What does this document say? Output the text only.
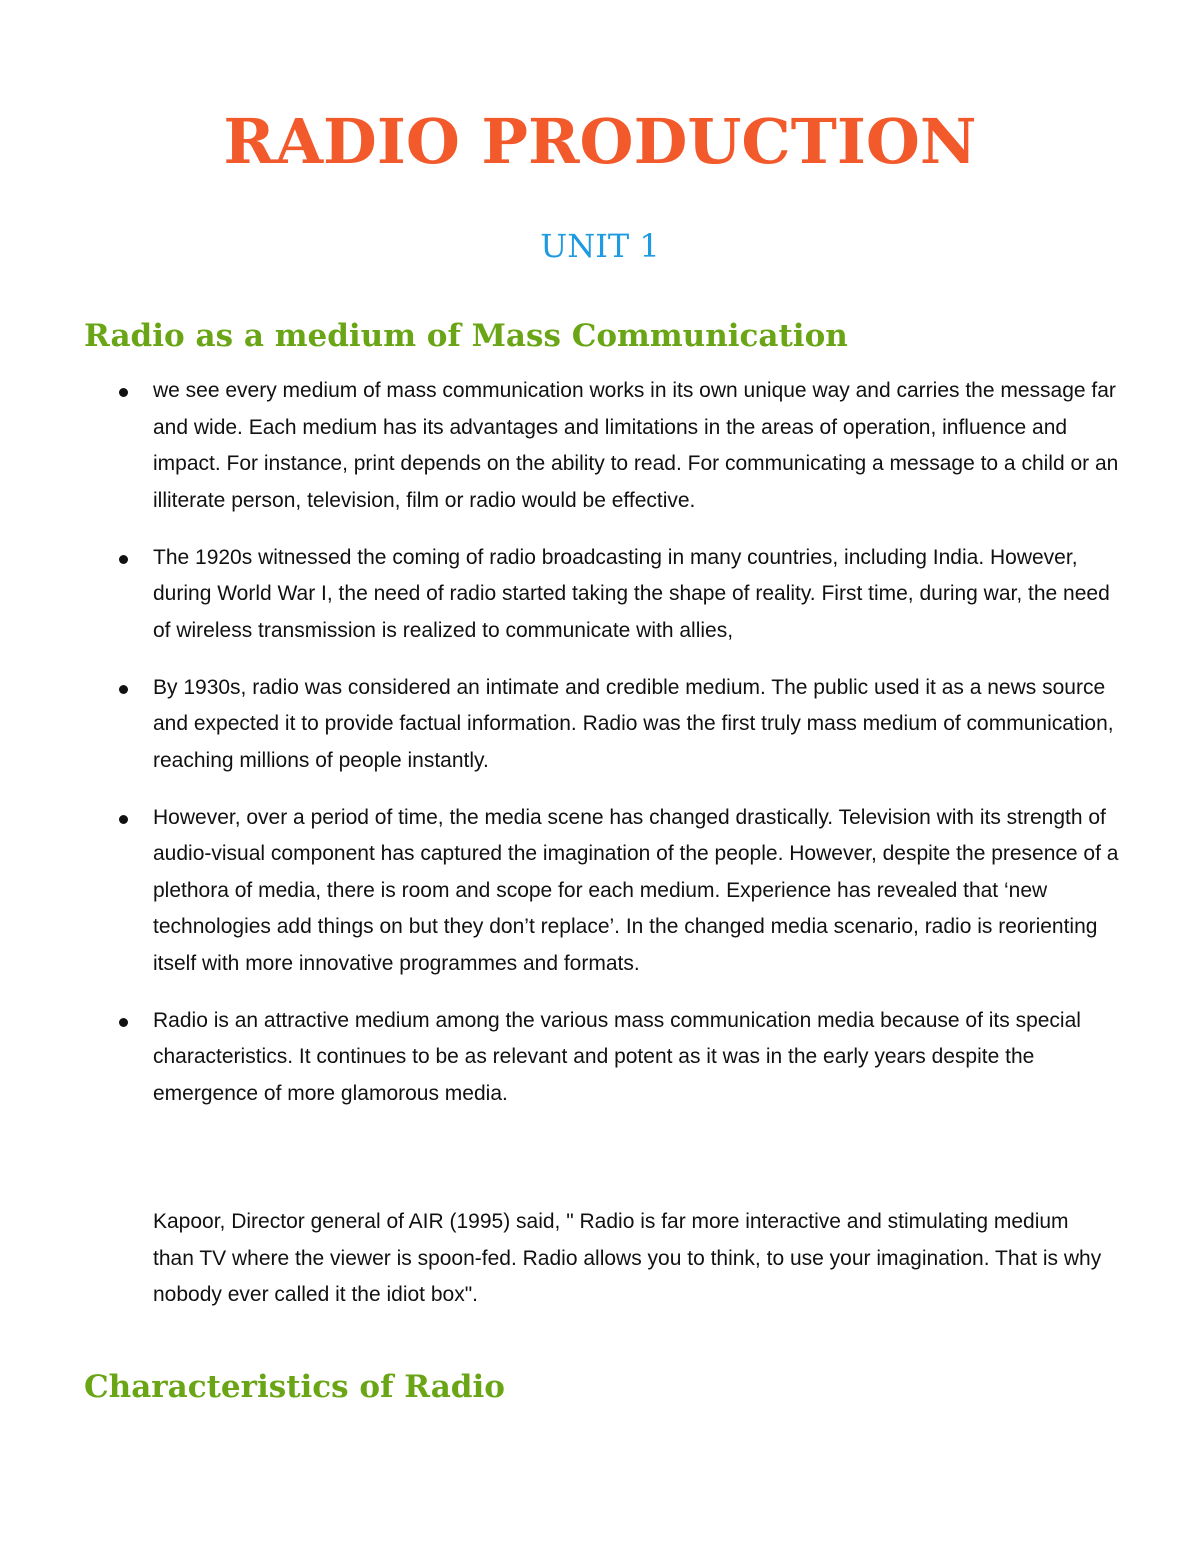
RADIO PRODUCTION
UNIT 1
Radio as a medium of Mass Communication
we see every medium of mass communication works in its own unique way and carries the message far and wide. Each medium has its advantages and limitations in the areas of operation, influence and impact. For instance, print depends on the ability to read. For communicating a message to a child or an illiterate person, television, film or radio would be effective.
The 1920s witnessed the coming of radio broadcasting in many countries, including India. However, during World War I, the need of radio started taking the shape of reality. First time, during war, the need of wireless transmission is realized to communicate with allies,
By 1930s, radio was considered an intimate and credible medium. The public used it as a news source and expected it to provide factual information. Radio was the first truly mass medium of communication, reaching millions of people instantly.
However, over a period of time, the media scene has changed drastically. Television with its strength of audio-visual component has captured the imagination of the people. However, despite the presence of a plethora of media, there is room and scope for each medium. Experience has revealed that ‘new technologies add things on but they don’t replace’. In the changed media scenario, radio is reorienting itself with more innovative programmes and formats.
Radio is an attractive medium among the various mass communication media because of its special characteristics. It continues to be as relevant and potent as it was in the early years despite the emergence of more glamorous media.

Kapoor, Director general of AIR (1995) said, " Radio is far more interactive and stimulating medium than TV where the viewer is spoon-fed. Radio allows you to think, to use your imagination. That is why nobody ever called it the idiot box".

Characteristics of Radio
